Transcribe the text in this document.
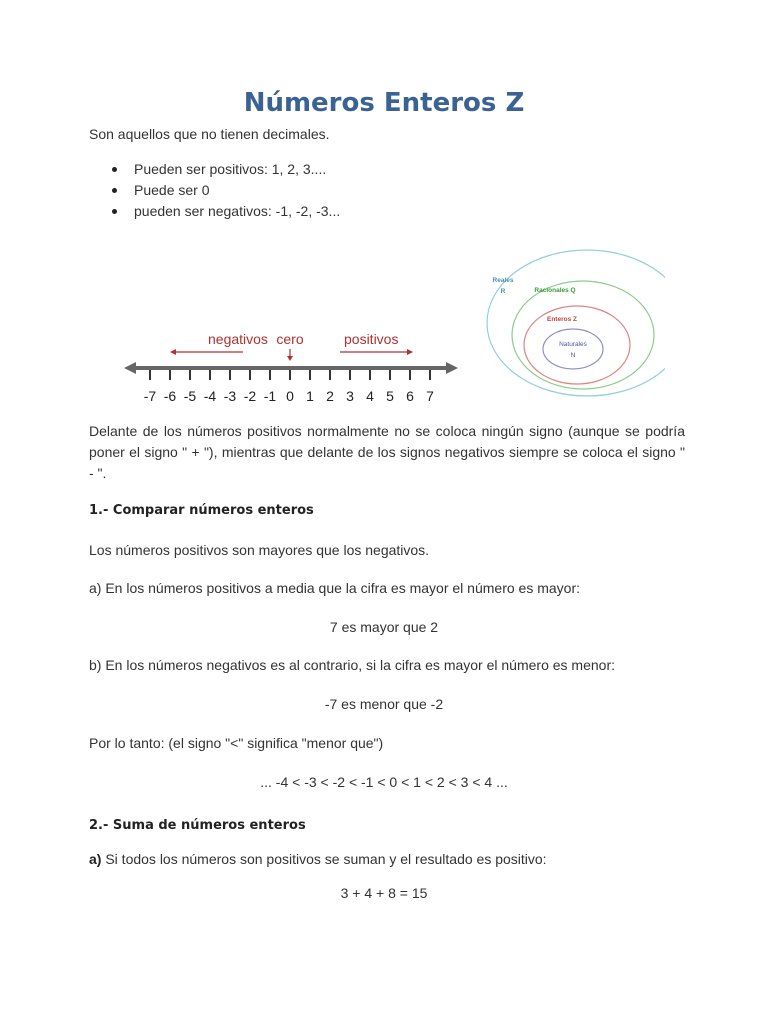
Números Enteros Z
Son aquellos que no tienen decimales.
Pueden ser positivos: 1, 2, 3....
Puede ser 0
pueden ser negativos: -1, -2, -3...
negativos cero	positivos
-7 -6 -5 -4 -3 -2 -1 0 1 2 3 4 5 6 7
Reales
R	Racionales Q
Enteros Z
Naturales
N
Delante de los números positivos normalmente no se coloca ningún signo (aunque se podría poner el signo " + "), mientras que delante de los signos negativos siempre se coloca el signo " - ".
1.- Comparar números enteros
Los números positivos son mayores que los negativos.
a) En los números positivos a media que la cifra es mayor el número es mayor:
7 es mayor que 2
b) En los números negativos es al contrario, si la cifra es mayor el número es menor:
-7 es menor que -2
Por lo tanto: (el signo "<" significa "menor que")
... -4 < -3 < -2 < -1 < 0 < 1 < 2 < 3 < 4 ...
2.- Suma de números enteros
a) Si todos los números son positivos se suman y el resultado es positivo:
3 + 4 + 8 = 15
